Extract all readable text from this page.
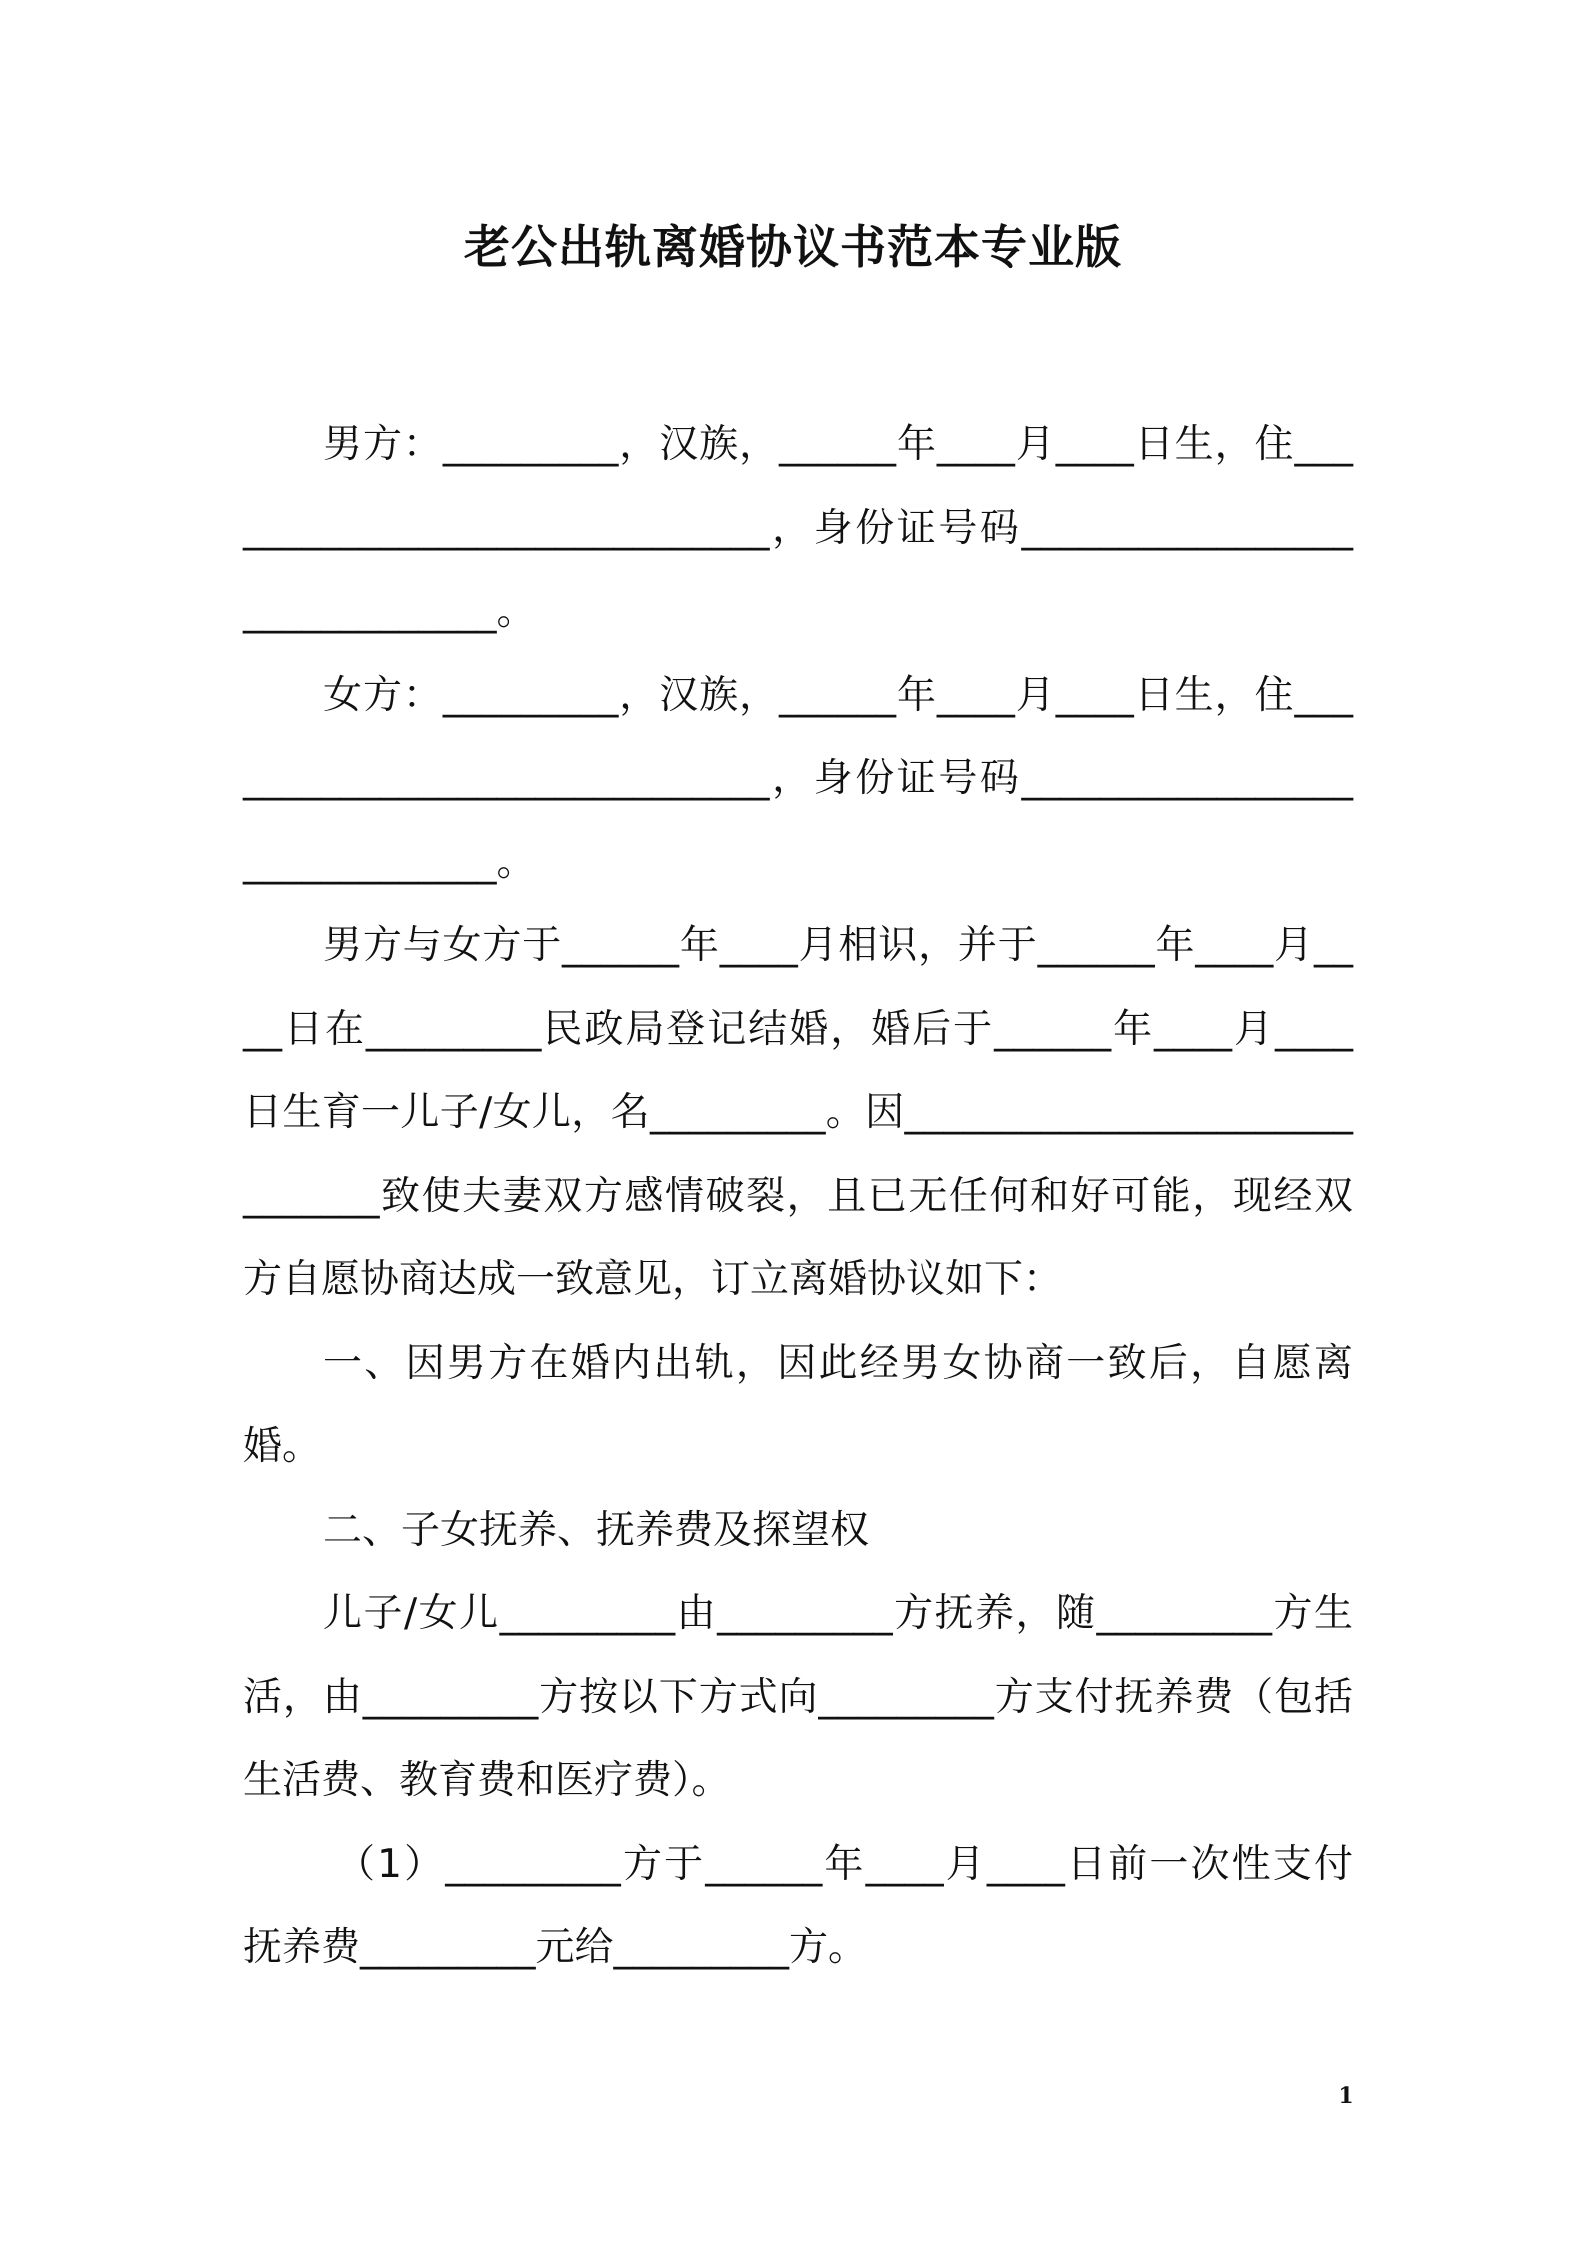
老公出轨离婚协议书范本专业版

男方：_________，汉族，______年____月____日生，住______________________________，身份证号码______________________________。

女方：_________，汉族，______年____月____日生，住______________________________，身份证号码______________________________。

男方与女方于______年____月相识，并于______年____月____日在_________民政局登记结婚，婚后于______年____月____日生育一儿子/女儿，名_________。因______________________________致使夫妻双方感情破裂，且已无任何和好可能，现经双方自愿协商达成一致意见，订立离婚协议如下：

一、因男方在婚内出轨，因此经男女协商一致后，自愿离婚。

二、子女抚养、抚养费及探望权

儿子/女儿_________由_________方抚养，随_________方生活，由_________方按以下方式向_________方支付抚养费（包括生活费、教育费和医疗费）。

（1）_________方于______年____月____日前一次性支付抚养费_________元给_________方。

1
